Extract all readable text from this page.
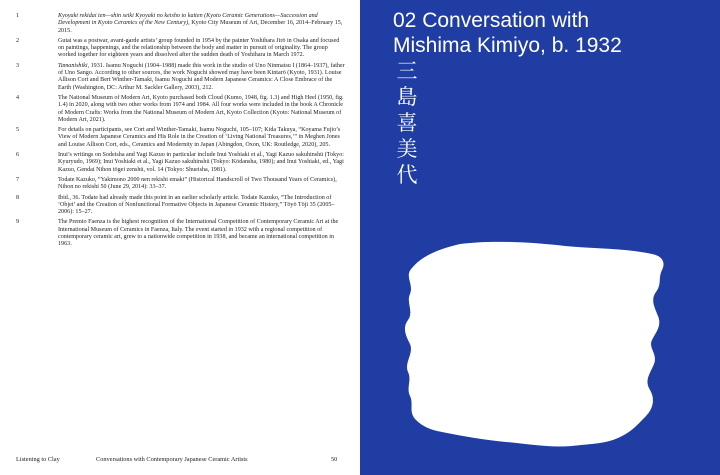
1	Kyoyaki rekidai ten—shin seiki Kyoyaki no keisho to kaiten (Kyoto Ceramic Generations—Succession and Development in Kyoto Ceramics of the New Century), Kyoto City Museum of Art, December 16, 2014–February 15, 2015.
2	Gutai was a postwar, avant-garde artists’ group founded in 1954 by the painter Yoshihara Jirō in Osaka and focused on paintings, happenings, and the relationship between the body and matter in pursuit of originality. The group worked together for eighteen years and dissolved after the sudden death of Yoshihara in March 1972.
3	Tamanishiki, 1931. Isamu Noguchi (1904–1988) made this work in the studio of Uno Ninmatsu I (1864–1937), father of Uno Sango. According to other sources, the work Noguchi showed may have been Kintarō (Kyoto, 1931). Louise Allison Cort and Bert Winther-Tamaki, Isamu Noguchi and Modern Japanese Ceramics: A Close Embrace of the Earth (Washington, DC: Arthur M. Sackler Gallery, 2003), 212.
4	The National Museum of Modern Art, Kyoto purchased both Cloud (Kumo, 1948, fig. 1.3) and High Heel (1950, fig. 1.4) in 2020, along with two other works from 1974 and 1984. All four works were included in the book A Chronicle of Modern Crafts: Works from the National Museum of Modern Art, Kyoto Collection (Kyoto: National Museum of Modern Art, 2021).
5	For details on participants, see Cort and Winther-Tamaki, Isamu Noguchi, 105–107; Kida Takuya, “Koyama Fujio’s View of Modern Japanese Ceramics and His Role in the Creation of ‘Living National Treasures,’” in Meghen Jones and Louise Allison Cort, eds., Ceramics and Modernity in Japan (Abingdon, Oxon, UK: Routledge, 2020), 205.
6	Inui’s writings on Sodeisha and Yagi Kazuo in particular include Inui Yoshiaki et al., Yagi Kazuo sakuhinshū (Tokyo: Kyuryudo, 1969); Inui Yoshiaki et al., Yagi Kazuo sakuhinshū (Tokyo: Kōdansha, 1980); and Inui Yoshiaki, ed., Yagi Kazuo, Gendai Nihon tōgei zenshū, vol. 14 (Tokyo: Shueisha, 1981).
7	Todate Kazuko, “Yakimono 2000 nen rekishi emaki” (Historical Handscroll of Two Thousand Years of Ceramics), Nihon no rekishi 50 (June 29, 2014): 33–37.
8	Ibid., 36. Todate had already made this point in an earlier scholarly article. Todate Kazuko, “The Introduction of ‘Objet’ and the Creation of Nonfunctional Formative Objects in Japanese Ceramic History,” Tōyō Tōji 35 (2005–2006): 15–27.
9	The Premio Faenza is the highest recognition of the International Competition of Contemporary Ceramic Art at the International Museum of Ceramics in Faenza, Italy. The event started in 1932 with a regional competition of contemporary ceramic art, grew to a nationwide competition in 1938, and became an international competition in 1963.
Listening to Clay	Conversations with Contemporary Japanese Ceramic Artists	50
02 Conversation with
Mishima Kimiyo, b. 1932
三
島
喜
美
代
